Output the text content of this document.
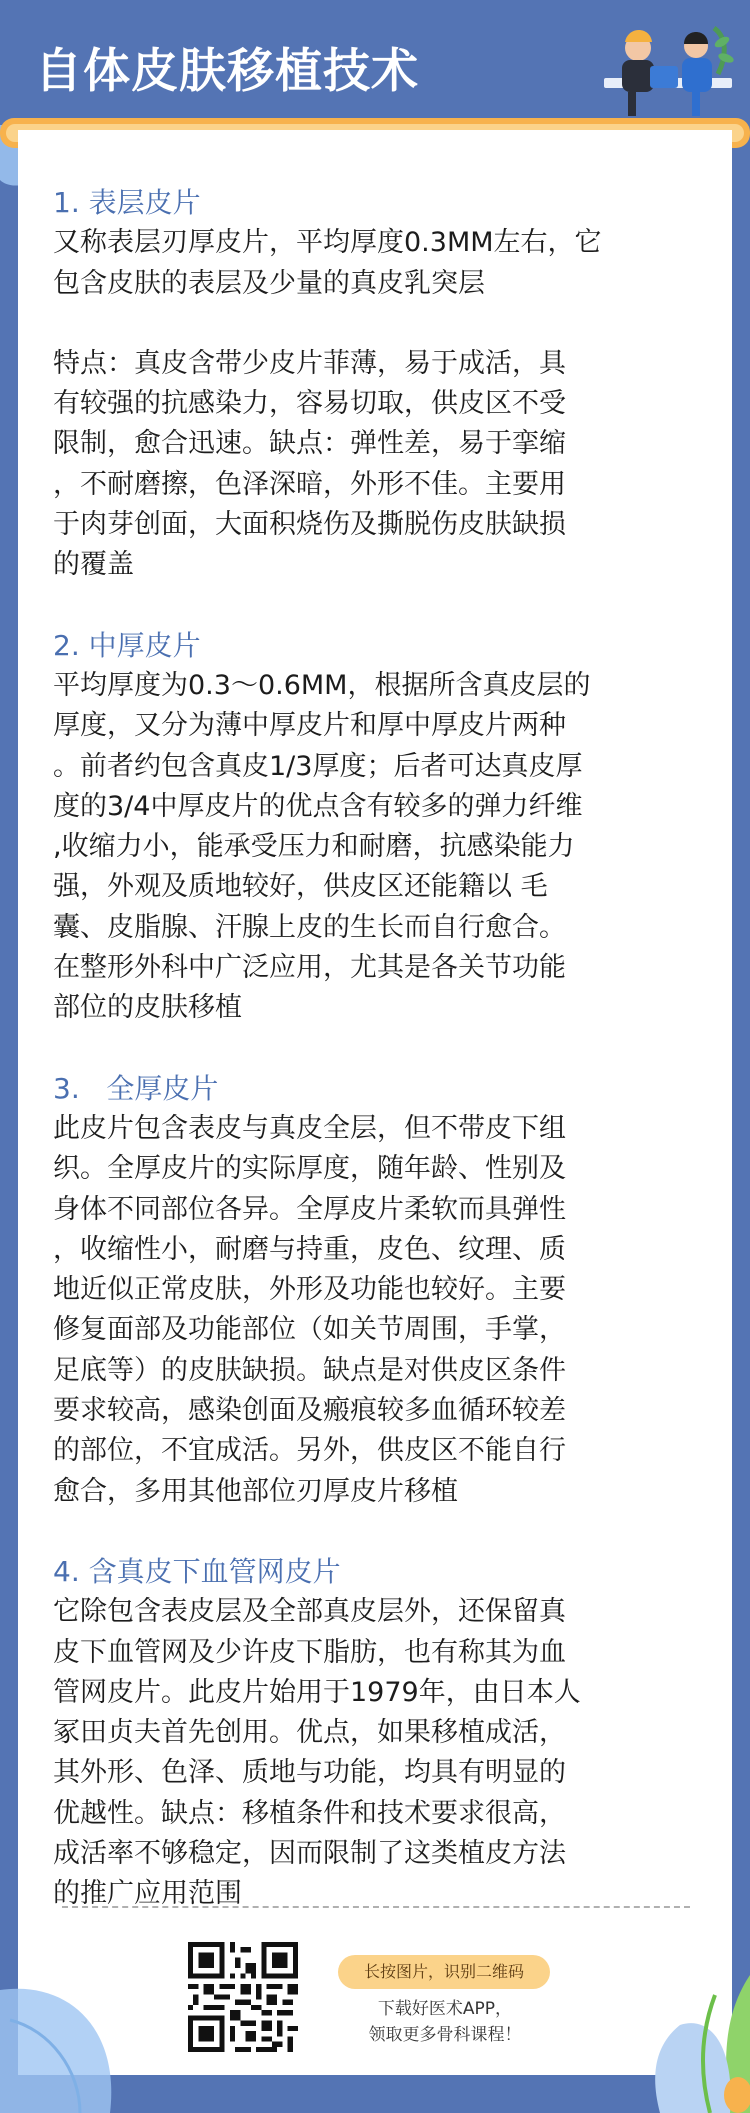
自体皮肤移植技术
1. 表层皮片

又称表层刃厚皮片，平均厚度0.3MM左右，它
包含皮肤的表层及少量的真皮乳突层

特点：真皮含带少皮片菲薄，易于成活，具
有较强的抗感染力，容易切取，供皮区不受
限制，愈合迅速。缺点：弹性差，易于挛缩
，不耐磨擦，色泽深暗，外形不佳。主要用
于肉芽创面，大面积烧伤及撕脱伤皮肤缺损
的覆盖

2. 中厚皮片

平均厚度为0.3～0.6MM，根据所含真皮层的
厚度，又分为薄中厚皮片和厚中厚皮片两种
。前者约包含真皮1/3厚度；后者可达真皮厚
度的3/4中厚皮片的优点含有较多的弹力纤维
,收缩力小，能承受压力和耐磨，抗感染能力
强，外观及质地较好，供皮区还能籍以 毛
囊、皮脂腺、汗腺上皮的生长而自行愈合。
在整形外科中广泛应用，尤其是各关节功能
部位的皮肤移植

3.   全厚皮片

此皮片包含表皮与真皮全层，但不带皮下组
织。全厚皮片的实际厚度，随年龄、性别及
身体不同部位各异。全厚皮片柔软而具弹性
，收缩性小，耐磨与持重，皮色、纹理、质
地近似正常皮肤，外形及功能也较好。主要
修复面部及功能部位（如关节周围，手掌，
足底等）的皮肤缺损。缺点是对供皮区条件
要求较高，感染创面及瘢痕较多血循环较差
的部位，不宜成活。另外，供皮区不能自行
愈合，多用其他部位刃厚皮片移植

4. 含真皮下血管网皮片

它除包含表皮层及全部真皮层外，还保留真
皮下血管网及少许皮下脂肪，也有称其为血
管网皮片。此皮片始用于1979年，由日本人
冢田贞夫首先创用。优点，如果移植成活，
其外形、色泽、质地与功能，均具有明显的
优越性。缺点：移植条件和技术要求很高，
成活率不够稳定，因而限制了这类植皮方法
的推广应用范围

长按图片，识别二维码
下载好医术APP，
领取更多骨科课程！
